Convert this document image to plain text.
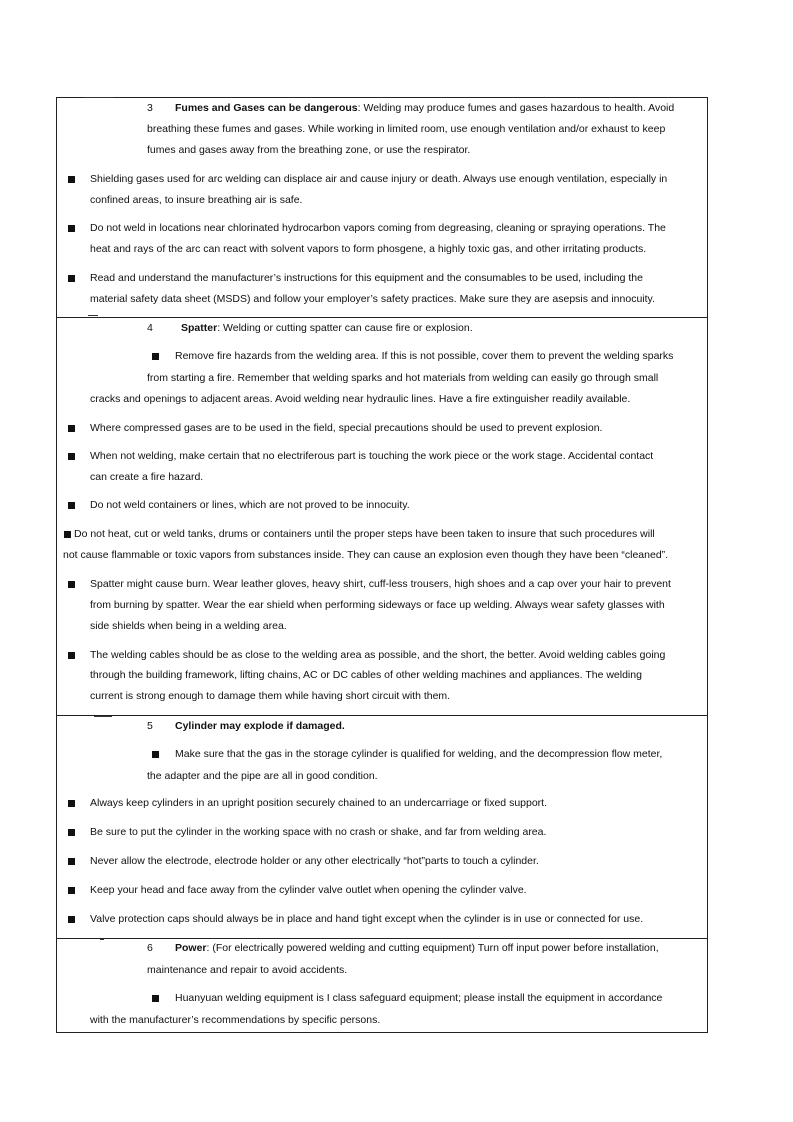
3 Fumes and Gases can be dangerous: Welding may produce fumes and gases hazardous to health. Avoid
breathing these fumes and gases. While working in limited room, use enough ventilation and/or exhaust to keep
fumes and gases away from the breathing zone, or use the respirator.
Shielding gases used for arc welding can displace air and cause injury or death. Always use enough ventilation, especially in
confined areas, to insure breathing air is safe.
Do not weld in locations near chlorinated hydrocarbon vapors coming from degreasing, cleaning or spraying operations. The
heat and rays of the arc can react with solvent vapors to form phosgene, a highly toxic gas, and other irritating products.
Read and understand the manufacturer’s instructions for this equipment and the consumables to be used, including the
material safety data sheet (MSDS) and follow your employer’s safety practices. Make sure they are asepsis and innocuity.
4	Spatter: Welding or cutting spatter can cause fire or explosion.
Remove fire hazards from the welding area. If this is not possible, cover them to prevent the welding sparks
from starting a fire. Remember that welding sparks and hot materials from welding can easily go through small
cracks and openings to adjacent areas. Avoid welding near hydraulic lines. Have a fire extinguisher readily available.
Where compressed gases are to be used in the field, special precautions should be used to prevent explosion.
When not welding, make certain that no electriferous part is touching the work piece or the work stage. Accidental contact
can create a fire hazard.
Do not weld containers or lines, which are not proved to be innocuity.
Do not heat, cut or weld tanks, drums or containers until the proper steps have been taken to insure that such procedures will
not cause flammable or toxic vapors from substances inside. They can cause an explosion even though they have been “cleaned”.
Spatter might cause burn. Wear leather gloves, heavy shirt, cuff-less trousers, high shoes and a cap over your hair to prevent
from burning by spatter. Wear the ear shield when performing sideways or face up welding. Always wear safety glasses with
side shields when being in a welding area.
The welding cables should be as close to the welding area as possible, and the short, the better. Avoid welding cables going
through the building framework, lifting chains, AC or DC cables of other welding machines and appliances. The welding
current is strong enough to damage them while having short circuit with them.
5 Cylinder may explode if damaged.
Make sure that the gas in the storage cylinder is qualified for welding, and the decompression flow meter,
the adapter and the pipe are all in good condition.
Always keep cylinders in an upright position securely chained to an undercarriage or fixed support.
Be sure to put the cylinder in the working space with no crash or shake, and far from welding area.
Never allow the electrode, electrode holder or any other electrically “hot”parts to touch a cylinder.
Keep your head and face away from the cylinder valve outlet when opening the cylinder valve.
Valve protection caps should always be in place and hand tight except when the cylinder is in use or connected for use.
6 Power: (For electrically powered welding and cutting equipment) Turn off input power before installation,
maintenance and repair to avoid accidents.
Huanyuan welding equipment is I class safeguard equipment; please install the equipment in accordance
with the manufacturer’s recommendations by specific persons.
